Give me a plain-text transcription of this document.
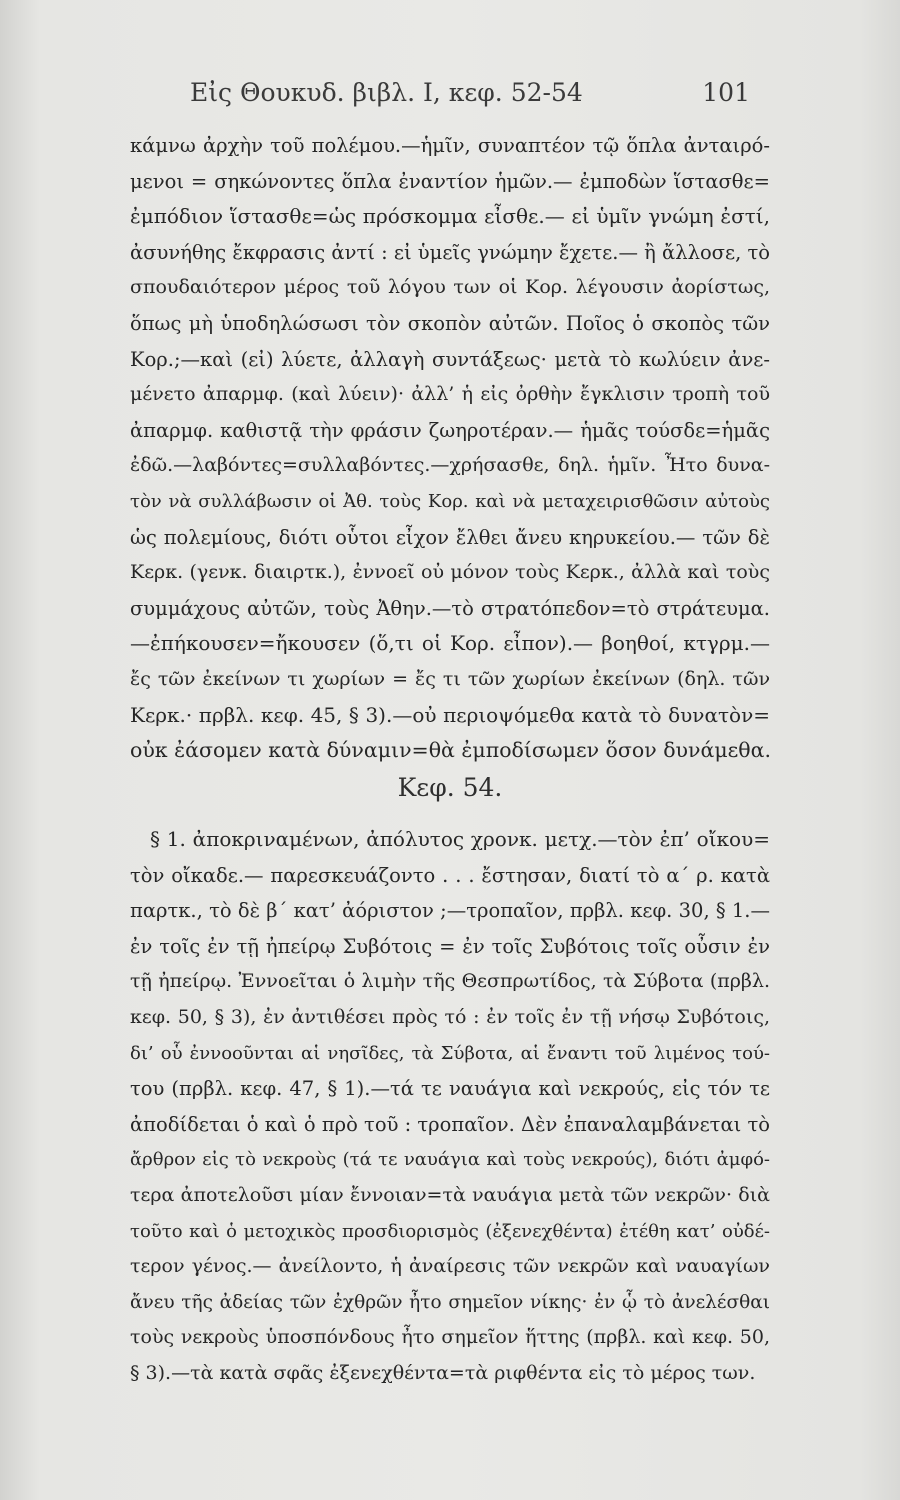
Εἰς Θουκυδ. βιβλ. Ι, κεφ. 52-54	101
κάμνω ἀρχὴν τοῦ πολέμου.—ἡμῖν, συναπτέον τῷ ὅπλα ἀνταιρό-
μενοι = σηκώνοντες ὅπλα ἐναντίον ἡμῶν.— ἐμποδὼν ἵστασθε=
ἐμπόδιον ἵστασθε=ὡς πρόσκομμα εἶσθε.— εἰ ὑμῖν γνώμη ἐστί,
ἀσυνήθης ἔκφρασις ἀντί : εἰ ὑμεῖς γνώμην ἔχετε.— ἢ ἄλλοσε, τὸ
σπουδαιότερον μέρος τοῦ λόγου των οἱ Κορ. λέγουσιν ἀορίστως,
ὅπως μὴ ὑποδηλώσωσι τὸν σκοπὸν αὐτῶν. Ποῖος ὁ σκοπὸς τῶν
Κορ.;—καὶ (εἰ) λύετε, ἀλλαγὴ συντάξεως· μετὰ τὸ κωλύειν ἀνε-
μένετο ἀπαρμφ. (καὶ λύειν)· ἀλλ’ ἡ εἰς ὀρθὴν ἔγκλισιν τροπὴ τοῦ
ἀπαρμφ. καθιστᾷ τὴν φράσιν ζωηροτέραν.— ἡμᾶς τούσδε=ἡμᾶς
ἐδῶ.—λαβόντες=συλλαβόντες.—χρήσασθε, δηλ. ἡμῖν. Ἦτο δυνα-
τὸν νὰ συλλάβωσιν οἱ Ἀθ. τοὺς Κορ. καὶ νὰ μεταχειρισθῶσιν αὐτοὺς
ὡς πολεμίους, διότι οὗτοι εἶχον ἔλθει ἄνευ κηρυκείου.— τῶν δὲ
Κερκ. (γενκ. διαιρτκ.), ἐννοεῖ οὐ μόνον τοὺς Κερκ., ἀλλὰ καὶ τοὺς
συμμάχους αὐτῶν, τοὺς Ἀθην.—τὸ στρατόπεδον=τὸ στράτευμα.
—ἐπήκουσεν=ἤκουσεν (ὅ,τι οἱ Κορ. εἶπον).— βοηθοί, κτγρμ.—
ἔς τῶν ἐκείνων τι χωρίων = ἔς τι τῶν χωρίων ἐκείνων (δηλ. τῶν
Κερκ.· πρβλ. κεφ. 45, § 3).—οὐ περιοψόμεθα κατὰ τὸ δυνατὸν=
οὐκ ἐάσομεν κατὰ δύναμιν=θὰ ἐμποδίσωμεν ὅσον δυνάμεθα.
Κεφ. 54.
§ 1. ἀποκριναμένων, ἀπόλυτος χρονκ. μετχ.—τὸν ἐπ’ οἴκου=
τὸν οἴκαδε.— παρεσκευάζοντο . . . ἔστησαν, διατί τὸ α΄ ρ. κατὰ
παρτκ., τὸ δὲ β΄ κατ’ ἀόριστον ;—τροπαῖον, πρβλ. κεφ. 30, § 1.—
ἐν τοῖς ἐν τῇ ἠπείρῳ Συβότοις = ἐν τοῖς Συβότοις τοῖς οὖσιν ἐν
τῇ ἠπείρῳ. Ἐννοεῖται ὁ λιμὴν τῆς Θεσπρωτίδος, τὰ Σύβοτα (πρβλ.
κεφ. 50, § 3), ἐν ἀντιθέσει πρὸς τό : ἐν τοῖς ἐν τῇ νήσῳ Συβότοις,
δι’ οὗ ἐννοοῦνται αἱ νησῖδες, τὰ Σύβοτα, αἱ ἔναντι τοῦ λιμένος τού-
του (πρβλ. κεφ. 47, § 1).—τά τε ναυάγια καὶ νεκρούς, εἰς τόν τε
ἀποδίδεται ὁ καὶ ὁ πρὸ τοῦ : τροπαῖον. Δὲν ἐπαναλαμβάνεται τὸ
ἄρθρον εἰς τὸ νεκροὺς (τά τε ναυάγια καὶ τοὺς νεκρούς), διότι ἀμφό-
τερα ἀποτελοῦσι μίαν ἔννοιαν=τὰ ναυάγια μετὰ τῶν νεκρῶν· διὰ
τοῦτο καὶ ὁ μετοχικὸς προσδιορισμὸς (ἐξενεχθέντα) ἐτέθη κατ’ οὐδέ-
τερον γένος.— ἀνείλοντο, ἡ ἀναίρεσις τῶν νεκρῶν καὶ ναυαγίων
ἄνευ τῆς ἀδείας τῶν ἐχθρῶν ἦτο σημεῖον νίκης· ἐν ᾧ τὸ ἀνελέσθαι
τοὺς νεκροὺς ὑποσπόνδους ἦτο σημεῖον ἥττης (πρβλ. καὶ κεφ. 50,
§ 3).—τὰ κατὰ σφᾶς ἐξενεχθέντα=τὰ ριφθέντα εἰς τὸ μέρος των.
